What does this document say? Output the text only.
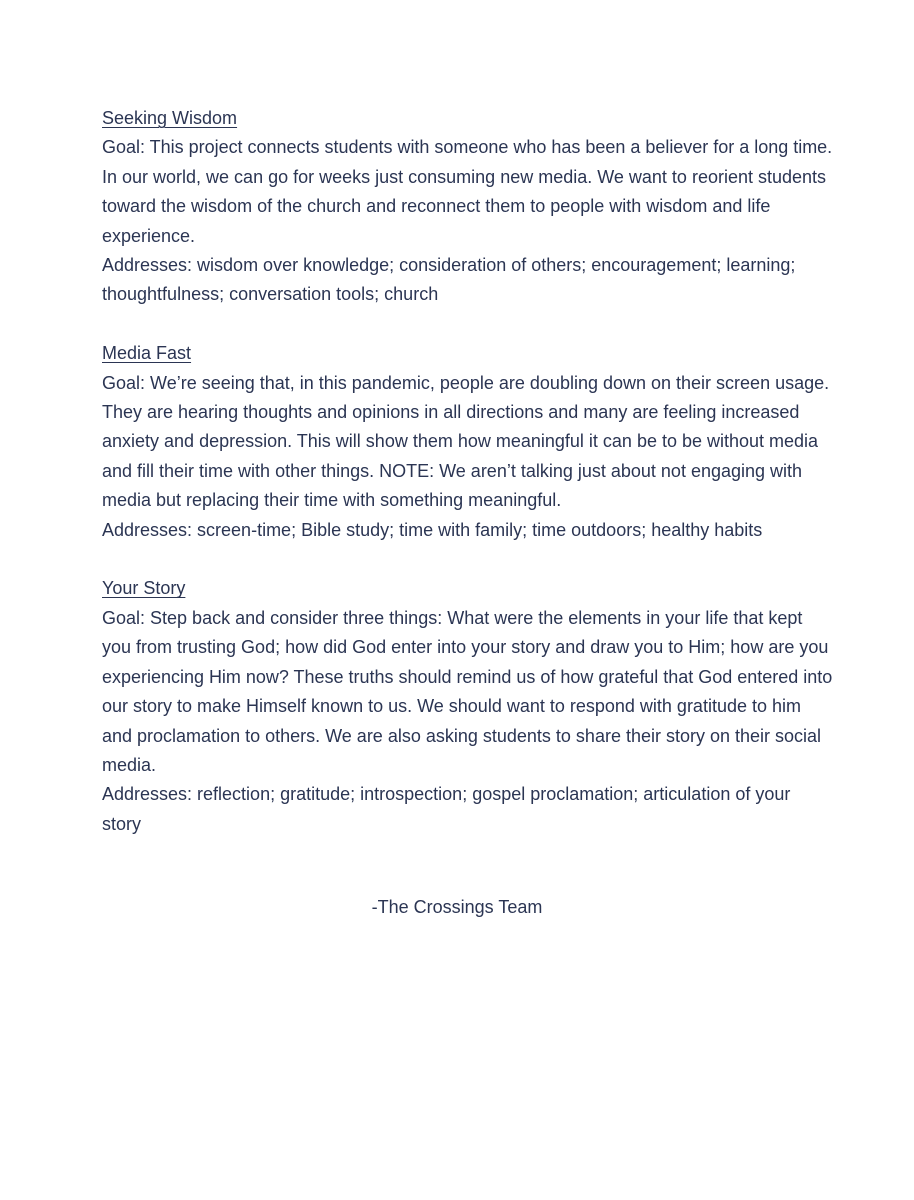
Seeking Wisdom
Goal: This project connects students with someone who has been a believer for a long time.
In our world, we can go for weeks just consuming new media. We want to reorient students
toward the wisdom of the church and reconnect them to people with wisdom and life
experience.
Addresses: wisdom over knowledge; consideration of others; encouragement; learning;
thoughtfulness; conversation tools; church
Media Fast
Goal: We’re seeing that, in this pandemic, people are doubling down on their screen usage.
They are hearing thoughts and opinions in all directions and many are feeling increased
anxiety and depression. This will show them how meaningful it can be to be without media
and fill their time with other things. NOTE: We aren’t talking just about not engaging with
media but replacing their time with something meaningful.
Addresses: screen-time; Bible study; time with family; time outdoors; healthy habits
Your Story
Goal: Step back and consider three things: What were the elements in your life that kept
you from trusting God; how did God enter into your story and draw you to Him; how are you
experiencing Him now? These truths should remind us of how grateful that God entered into
our story to make Himself known to us. We should want to respond with gratitude to him
and proclamation to others. We are also asking students to share their story on their social
media.
Addresses: reflection; gratitude; introspection; gospel proclamation; articulation of your
story
-The Crossings Team
